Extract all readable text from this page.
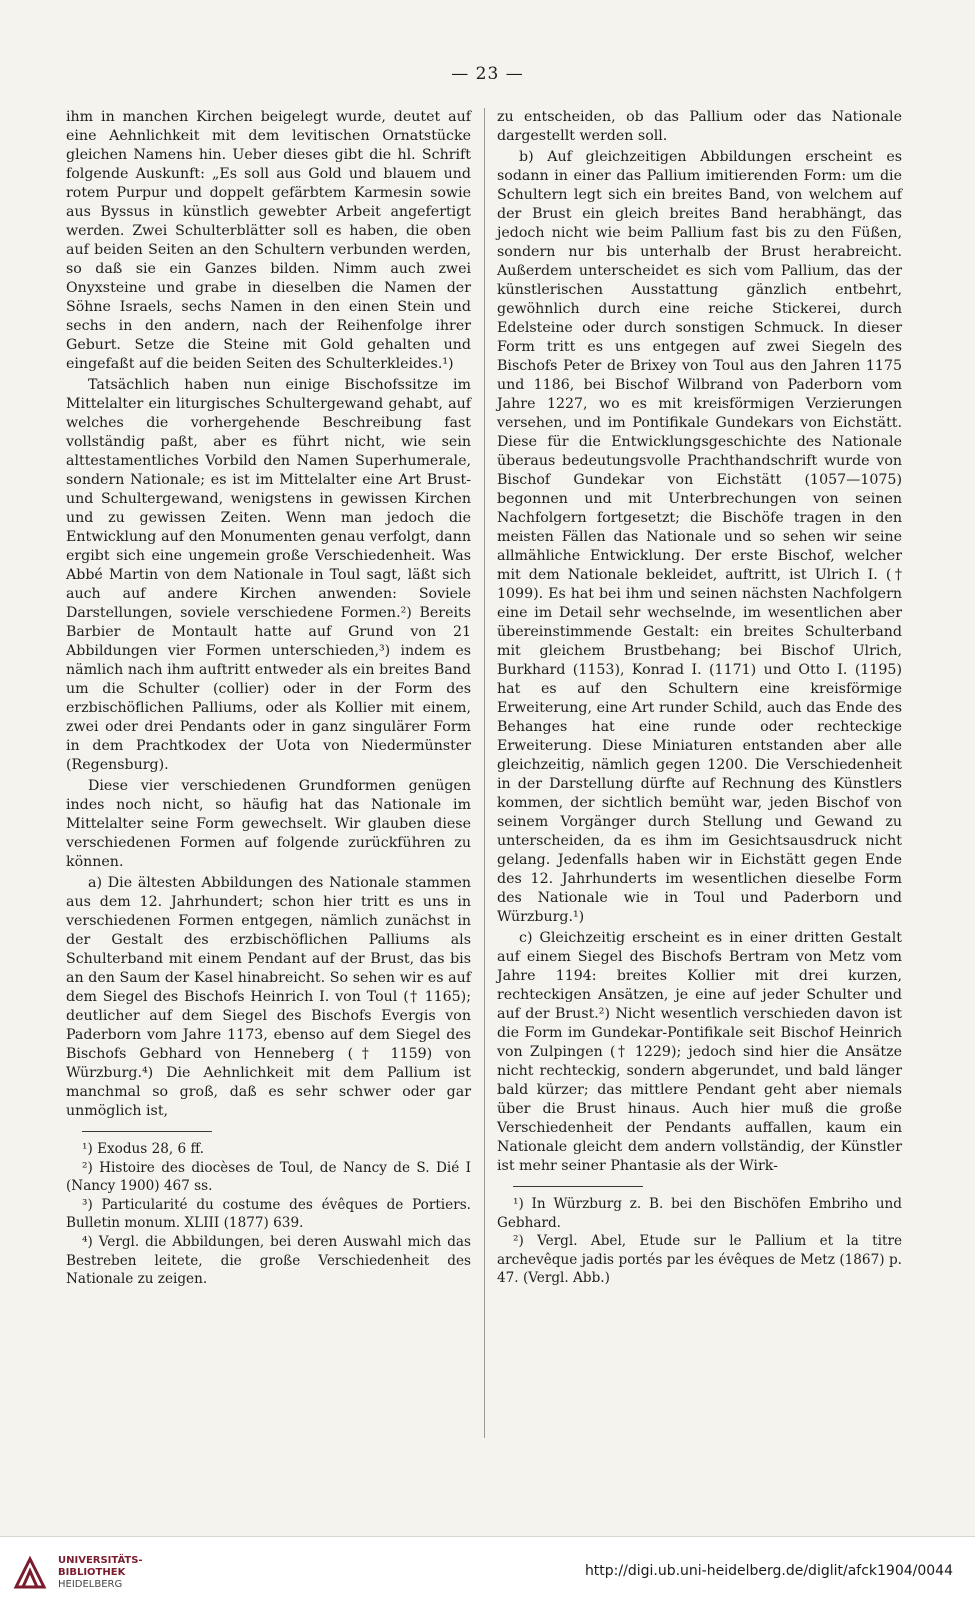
— 23 —

ihm in manchen Kirchen beigelegt wurde, deutet auf eine Aehnlichkeit mit dem levitischen Ornatstücke gleichen Namens hin. Ueber dieses gibt die hl. Schrift folgende Auskunft: „Es soll aus Gold und blauem und rotem Purpur und doppelt gefärbtem Karmesin sowie aus Byssus in künstlich gewebter Arbeit angefertigt werden. Zwei Schulterblätter soll es haben, die oben auf beiden Seiten an den Schultern verbunden werden, so daß sie ein Ganzes bilden. Nimm auch zwei Onyxsteine und grabe in dieselben die Namen der Söhne Israels, sechs Namen in den einen Stein und sechs in den andern, nach der Reihenfolge ihrer Geburt. Setze die Steine mit Gold gehalten und eingefaßt auf die beiden Seiten des Schulterkleides.¹)

Tatsächlich haben nun einige Bischofssitze im Mittelalter ein liturgisches Schultergewand gehabt, auf welches die vorhergehende Beschreibung fast vollständig paßt, aber es führt nicht, wie sein alttestamentliches Vorbild den Namen Superhumerale, sondern Nationale; es ist im Mittelalter eine Art Brust- und Schultergewand, wenigstens in gewissen Kirchen und zu gewissen Zeiten. Wenn man jedoch die Entwicklung auf den Monumenten genau verfolgt, dann ergibt sich eine ungemein große Verschiedenheit. Was Abbé Martin von dem Nationale in Toul sagt, läßt sich auch auf andere Kirchen anwenden: Soviele Darstellungen, soviele verschiedene Formen.²) Bereits Barbier de Montault hatte auf Grund von 21 Abbildungen vier Formen unterschieden,³) indem es nämlich nach ihm auftritt entweder als ein breites Band um die Schulter (collier) oder in der Form des erzbischöflichen Palliums, oder als Kollier mit einem, zwei oder drei Pendants oder in ganz singulärer Form in dem Prachtkodex der Uota von Niedermünster (Regensburg).

Diese vier verschiedenen Grundformen genügen indes noch nicht, so häufig hat das Nationale im Mittelalter seine Form gewechselt. Wir glauben diese verschiedenen Formen auf folgende zurückführen zu können.

a) Die ältesten Abbildungen des Nationale stammen aus dem 12. Jahrhundert; schon hier tritt es uns in verschiedenen Formen entgegen, nämlich zunächst in der Gestalt des erzbischöflichen Palliums als Schulterband mit einem Pendant auf der Brust, das bis an den Saum der Kasel hinabreicht. So sehen wir es auf dem Siegel des Bischofs Heinrich I. von Toul († 1165); deutlicher auf dem Siegel des Bischofs Evergis von Paderborn vom Jahre 1173, ebenso auf dem Siegel des Bischofs Gebhard von Henneberg († 1159) von Würzburg.⁴) Die Aehnlichkeit mit dem Pallium ist manchmal so groß, daß es sehr schwer oder gar unmöglich ist,

¹) Exodus 28, 6 ff.

²) Histoire des diocèses de Toul, de Nancy de S. Dié I (Nancy 1900) 467 ss.

³) Particularité du costume des évêques de Portiers. Bulletin monum. XLIII (1877) 639.

⁴) Vergl. die Abbildungen, bei deren Auswahl mich das Bestreben leitete, die große Verschiedenheit des Nationale zu zeigen.

zu entscheiden, ob das Pallium oder das Nationale dargestellt werden soll.

b) Auf gleichzeitigen Abbildungen erscheint es sodann in einer das Pallium imitierenden Form: um die Schultern legt sich ein breites Band, von welchem auf der Brust ein gleich breites Band herabhängt, das jedoch nicht wie beim Pallium fast bis zu den Füßen, sondern nur bis unterhalb der Brust herabreicht. Außerdem unterscheidet es sich vom Pallium, das der künstlerischen Ausstattung gänzlich entbehrt, gewöhnlich durch eine reiche Stickerei, durch Edelsteine oder durch sonstigen Schmuck. In dieser Form tritt es uns entgegen auf zwei Siegeln des Bischofs Peter de Brixey von Toul aus den Jahren 1175 und 1186, bei Bischof Wilbrand von Paderborn vom Jahre 1227, wo es mit kreisförmigen Verzierungen versehen, und im Pontifikale Gundekars von Eichstätt. Diese für die Entwicklungsgeschichte des Nationale überaus bedeutungsvolle Prachthandschrift wurde von Bischof Gundekar von Eichstätt (1057—1075) begonnen und mit Unterbrechungen von seinen Nachfolgern fortgesetzt; die Bischöfe tragen in den meisten Fällen das Nationale und so sehen wir seine allmähliche Entwicklung. Der erste Bischof, welcher mit dem Nationale bekleidet, auftritt, ist Ulrich I. († 1099). Es hat bei ihm und seinen nächsten Nachfolgern eine im Detail sehr wechselnde, im wesentlichen aber übereinstimmende Gestalt: ein breites Schulterband mit gleichem Brustbehang; bei Bischof Ulrich, Burkhard (1153), Konrad I. (1171) und Otto I. (1195) hat es auf den Schultern eine kreisförmige Erweiterung, eine Art runder Schild, auch das Ende des Behanges hat eine runde oder rechteckige Erweiterung. Diese Miniaturen entstanden aber alle gleichzeitig, nämlich gegen 1200. Die Verschiedenheit in der Darstellung dürfte auf Rechnung des Künstlers kommen, der sichtlich bemüht war, jeden Bischof von seinem Vorgänger durch Stellung und Gewand zu unterscheiden, da es ihm im Gesichtsausdruck nicht gelang. Jedenfalls haben wir in Eichstätt gegen Ende des 12. Jahrhunderts im wesentlichen dieselbe Form des Nationale wie in Toul und Paderborn und Würzburg.¹)

c) Gleichzeitig erscheint es in einer dritten Gestalt auf einem Siegel des Bischofs Bertram von Metz vom Jahre 1194: breites Kollier mit drei kurzen, rechteckigen Ansätzen, je eine auf jeder Schulter und auf der Brust.²) Nicht wesentlich verschieden davon ist die Form im Gundekar-Pontifikale seit Bischof Heinrich von Zulpingen († 1229); jedoch sind hier die Ansätze nicht rechteckig, sondern abgerundet, und bald länger bald kürzer; das mittlere Pendant geht aber niemals über die Brust hinaus. Auch hier muß die große Verschiedenheit der Pendants auffallen, kaum ein Nationale gleicht dem andern vollständig, der Künstler ist mehr seiner Phantasie als der Wirk-

¹) In Würzburg z. B. bei den Bischöfen Embriho und Gebhard.

²) Vergl. Abel, Etude sur le Pallium et la titre archevêque jadis portés par les évêques de Metz (1867) p. 47. (Vergl. Abb.)

UNIVERSITÄTS-
BIBLIOTHEK
HEIDELBERG
http://digi.ub.uni-heidelberg.de/diglit/afck1904/0044
